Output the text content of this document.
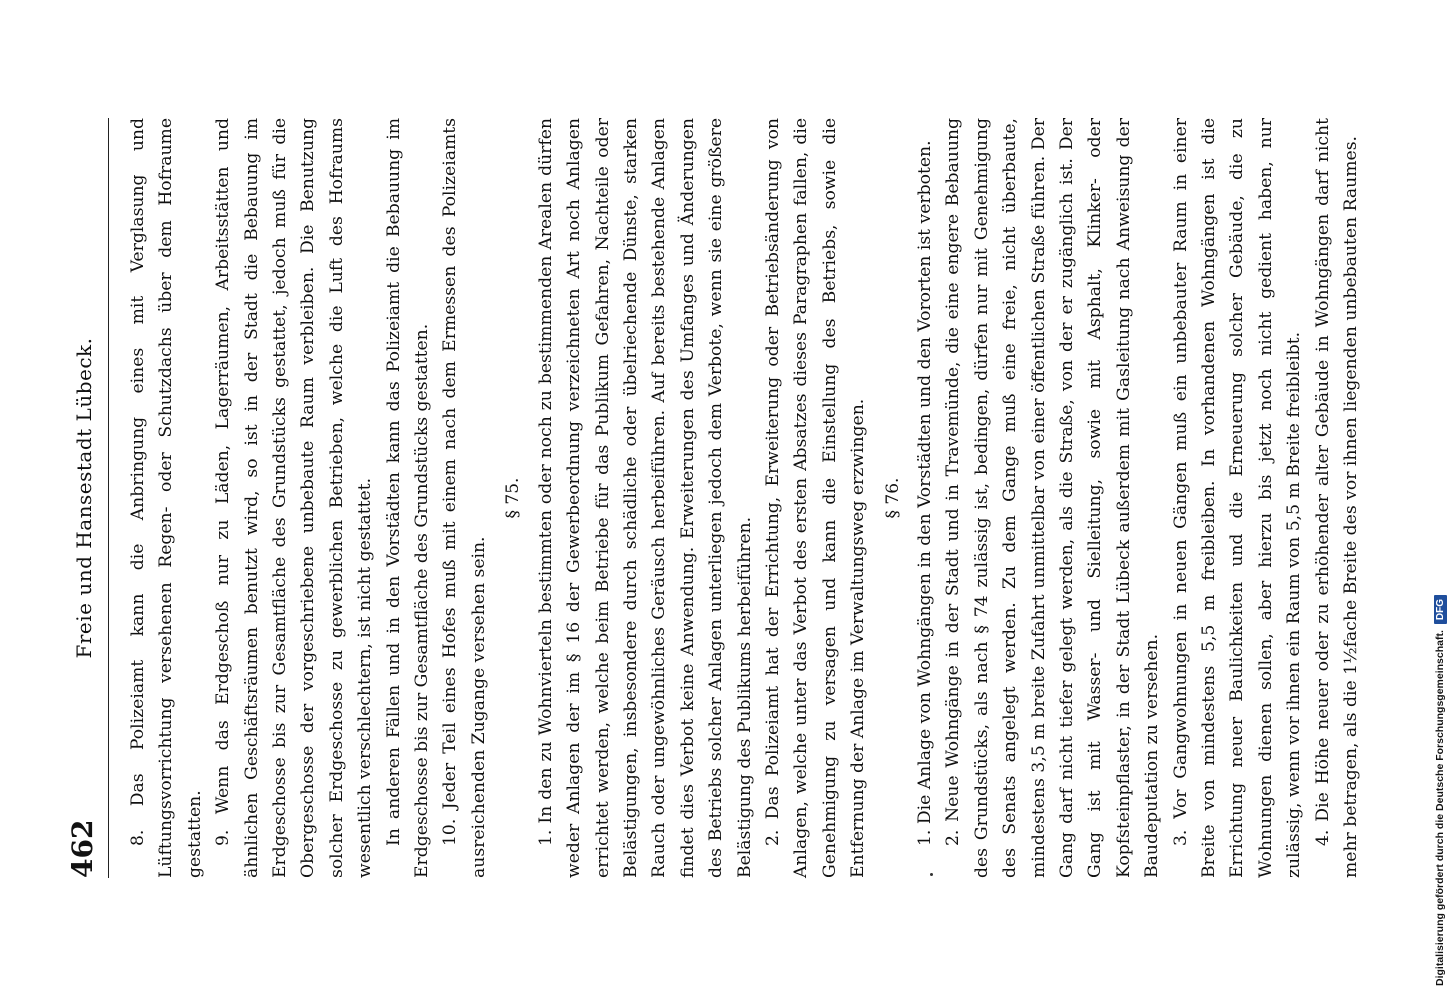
462
Freie und Hansestadt Lübeck. 8. Das Polizeiamt kann die Anbringung eines mit Verglasung und Lüftungsvorrichtung versehenen Regen- oder Schutzdachs über dem Hofraume gestatten. 9. Wenn das Erdgeschoß nur zu Läden, Lagerräumen, Arbeitsstätten und ähnlichen Geschäftsräumen benutzt wird, so ist in der Stadt die Bebauung im Erdgeschosse bis zur Gesamtfläche des Grundstücks gestattet, jedoch muß für die Obergeschosse der vorgeschriebene unbebaute Raum verbleiben. Die Benutzung solcher Erdgeschosse zu gewerblichen Betrieben, welche die Luft des Hofraums wesentlich verschlechtern, ist nicht gestattet. In anderen Fällen und in den Vorstädten kann das Polizeiamt die Bebauung im Erdgeschosse bis zur Gesamtfläche des Grundstücks gestatten. 10. Jeder Teil eines Hofes muß mit einem nach dem Ermessen des Polizeiamts ausreichenden Zugange versehen sein.

§ 75. 1. In den zu Wohnvierteln bestimmten oder noch zu bestimmenden Arealen dürfen weder Anlagen der im § 16 der Gewerbeordnung verzeichneten Art noch Anlagen errichtet werden, welche beim Betriebe für das Publikum Gefahren, Nachteile oder Belästigungen, insbesondere durch schädliche oder übelriechende Dünste, starken Rauch oder ungewöhnliches Geräusch herbeiführen. Auf bereits bestehende Anlagen findet dies Verbot keine Anwendung. Erweiterungen des Umfanges und Änderungen des Betriebs solcher Anlagen unterliegen jedoch dem Verbote, wenn sie eine größere Belästigung des Publikums herbeiführen. 2. Das Polizeiamt hat der Errichtung, Erweiterung oder Betriebsänderung von Anlagen, welche unter das Verbot des ersten Absatzes dieses Paragraphen fallen, die Genehmigung zu versagen und kann die Einstellung des Betriebs, sowie die Entfernung der Anlage im Verwaltungsweg erzwingen. § 76. 1. Die Anlage von Wohngängen in den Vorstädten und den Vororten ist verboten. 2. Neue Wohngänge in der Stadt und in Travemünde, die eine engere Bebauung des Grundstücks, als nach § 74 zulässig ist, bedingen, dürfen nur mit Genehmigung des Senats angelegt werden. Zu dem Gange muß eine freie, nicht überbaute, mindestens 3,5 m breite Zufahrt unmittelbar von einer öffentlichen Straße führen. Der Gang darf nicht tiefer gelegt werden, als die Straße, von der er zugänglich ist. Der Gang ist mit Wasser- und Sielleitung, sowie mit Asphalt, Klinker- oder Kopfsteinpflaster, in der Stadt Lübeck außerdem mit Gasleitung nach Anweisung der Baudeputation zu versehen. 3. Vor Gangwohnungen in neuen Gängen muß ein unbebauter Raum in einer Breite von mindestens 5,5 m freibleiben. In vorhandenen Wohngängen ist die Errichtung neuer Baulichkeiten und die Erneuerung solcher Gebäude, die zu Wohnungen dienen sollen, aber hierzu bis jetzt noch nicht gedient haben, nur zulässig, wenn vor ihnen ein Raum von 5,5 m Breite freibleibt. 4. Die Höhe neuer oder zu erhöhender alter Gebäude in Wohngängen darf nicht mehr betragen, als die 1½fache Breite des vor ihnen liegenden unbebauten Raumes.	Digitalisierung gefördert durch die Deutsche Forschungsgemeinschaft.
DFG
